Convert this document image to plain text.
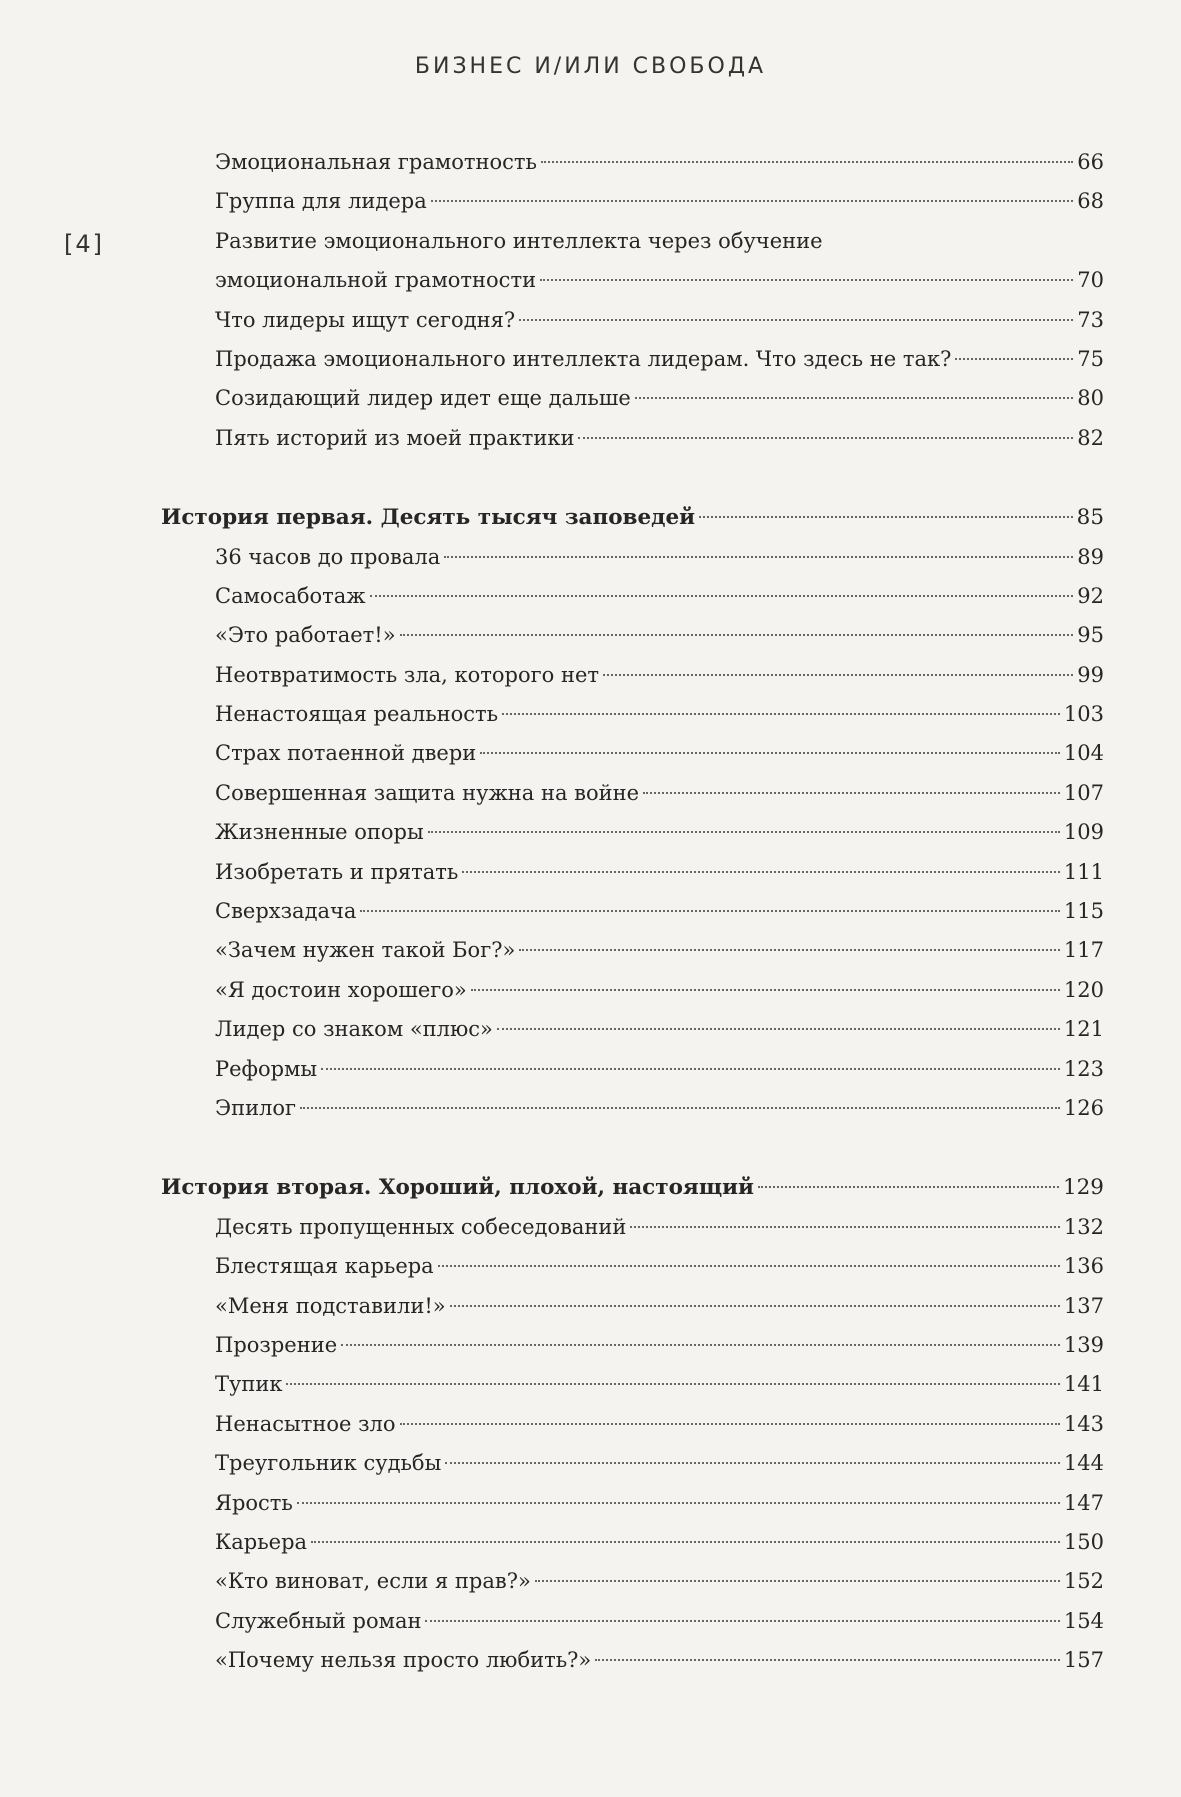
БИЗНЕС И/ИЛИ СВОБОДА
[4]
Эмоциональная грамотность	66
Группа для лидера	68
Развитие эмоционального интеллекта через обучение
эмоциональной грамотности	70
Что лидеры ищут сегодня?	73
Продажа эмоционального интеллекта лидерам. Что здесь не так?	75
Созидающий лидер идет еще дальше	80
Пять историй из моей практики	82
История первая. Десять тысяч заповедей	85
36 часов до провала	89
Самосаботаж	92
«Это работает!»	95
Неотвратимость зла, которого нет	99
Ненастоящая реальность	103
Страх потаенной двери	104
Совершенная защита нужна на войне	107
Жизненные опоры	109
Изобретать и прятать	111
Сверхзадача	115
«Зачем нужен такой Бог?»	117
«Я достоин хорошего»	120
Лидер со знаком «плюс»	121
Реформы	123
Эпилог	126
История вторая. Хороший, плохой, настоящий	129
Десять пропущенных собеседований	132
Блестящая карьера	136
«Меня подставили!»	137
Прозрение	139
Тупик	141
Ненасытное зло	143
Треугольник судьбы	144
Ярость	147
Карьера	150
«Кто виноват, если я прав?»	152
Служебный роман	154
«Почему нельзя просто любить?»	157
